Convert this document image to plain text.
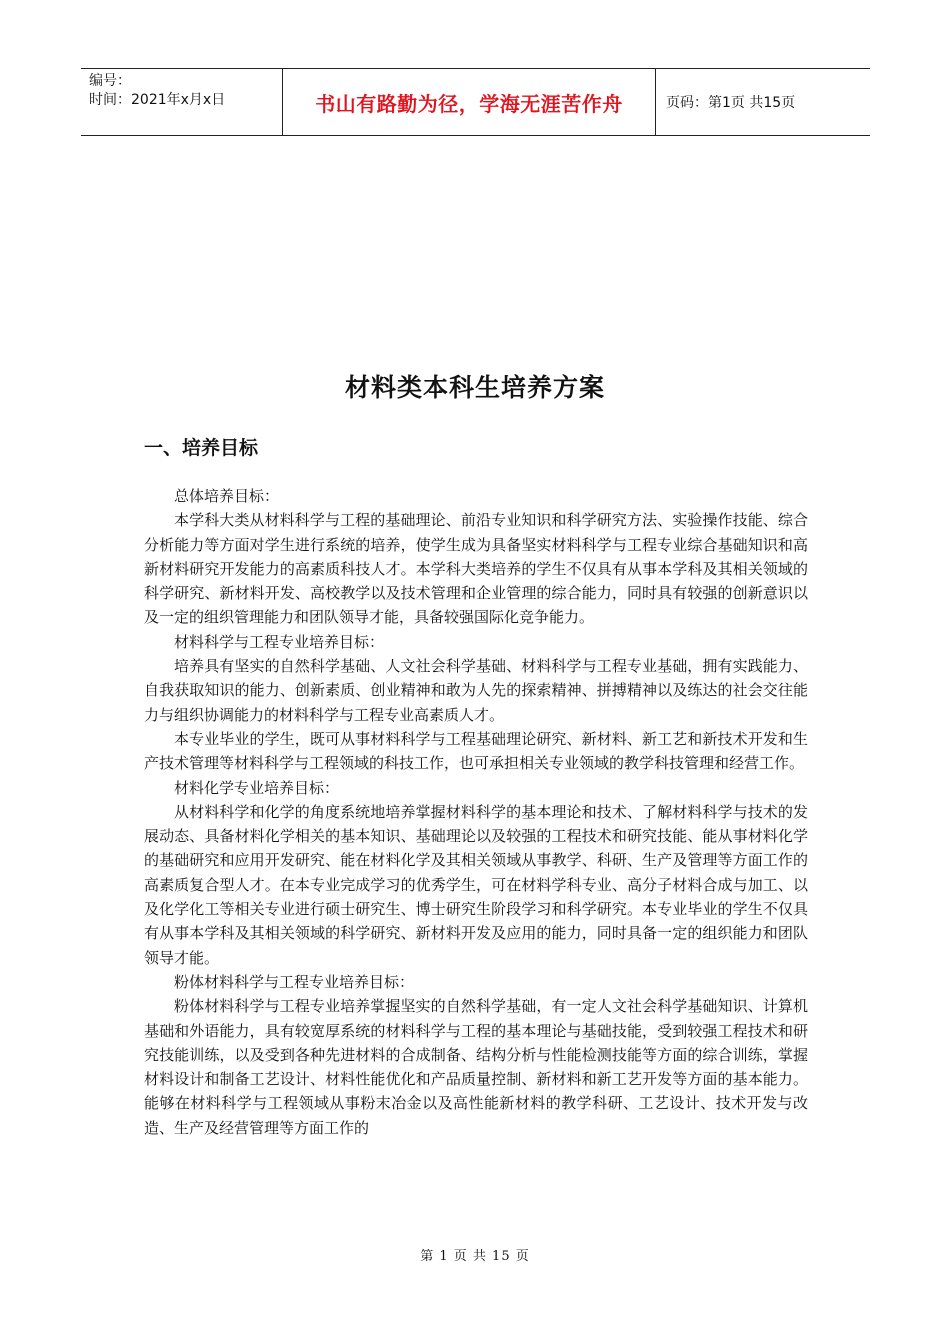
编号：
时间：2021年x月x日	书山有路勤为径，学海无涯苦作舟	页码：第1页 共15页
材料类本科生培养方案
一、培养目标

总体培养目标：

本学科大类从材料科学与工程的基础理论、前沿专业知识和科学研究方法、实验操作技能、综合分析能力等方面对学生进行系统的培养，使学生成为具备坚实材料科学与工程专业综合基础知识和高新材料研究开发能力的高素质科技人才。本学科大类培养的学生不仅具有从事本学科及其相关领域的科学研究、新材料开发、高校教学以及技术管理和企业管理的综合能力，同时具有较强的创新意识以及一定的组织管理能力和团队领导才能，具备较强国际化竞争能力。

材料科学与工程专业培养目标：

培养具有坚实的自然科学基础、人文社会科学基础、材料科学与工程专业基础，拥有实践能力、自我获取知识的能力、创新素质、创业精神和敢为人先的探索精神、拼搏精神以及练达的社会交往能力与组织协调能力的材料科学与工程专业高素质人才。

本专业毕业的学生，既可从事材料科学与工程基础理论研究、新材料、新工艺和新技术开发和生产技术管理等材料科学与工程领域的科技工作，也可承担相关专业领域的教学科技管理和经营工作。

材料化学专业培养目标：

从材料科学和化学的角度系统地培养掌握材料科学的基本理论和技术、了解材料科学与技术的发展动态、具备材料化学相关的基本知识、基础理论以及较强的工程技术和研究技能、能从事材料化学的基础研究和应用开发研究、能在材料化学及其相关领域从事教学、科研、生产及管理等方面工作的高素质复合型人才。在本专业完成学习的优秀学生，可在材料学科专业、高分子材料合成与加工、以及化学化工等相关专业进行硕士研究生、博士研究生阶段学习和科学研究。本专业毕业的学生不仅具有从事本学科及其相关领域的科学研究、新材料开发及应用的能力，同时具备一定的组织能力和团队领导才能。

粉体材料科学与工程专业培养目标：

粉体材料科学与工程专业培养掌握坚实的自然科学基础，有一定人文社会科学基础知识、计算机基础和外语能力，具有较宽厚系统的材料科学与工程的基本理论与基础技能，受到较强工程技术和研究技能训练，以及受到各种先进材料的合成制备、结构分析与性能检测技能等方面的综合训练，掌握材料设计和制备工艺设计、材料性能优化和产品质量控制、新材料和新工艺开发等方面的基本能力。能够在材料科学与工程领域从事粉末冶金以及高性能新材料的教学科研、工艺设计、技术开发与改造、生产及经营管理等方面工作的

第 1 页 共 15 页
